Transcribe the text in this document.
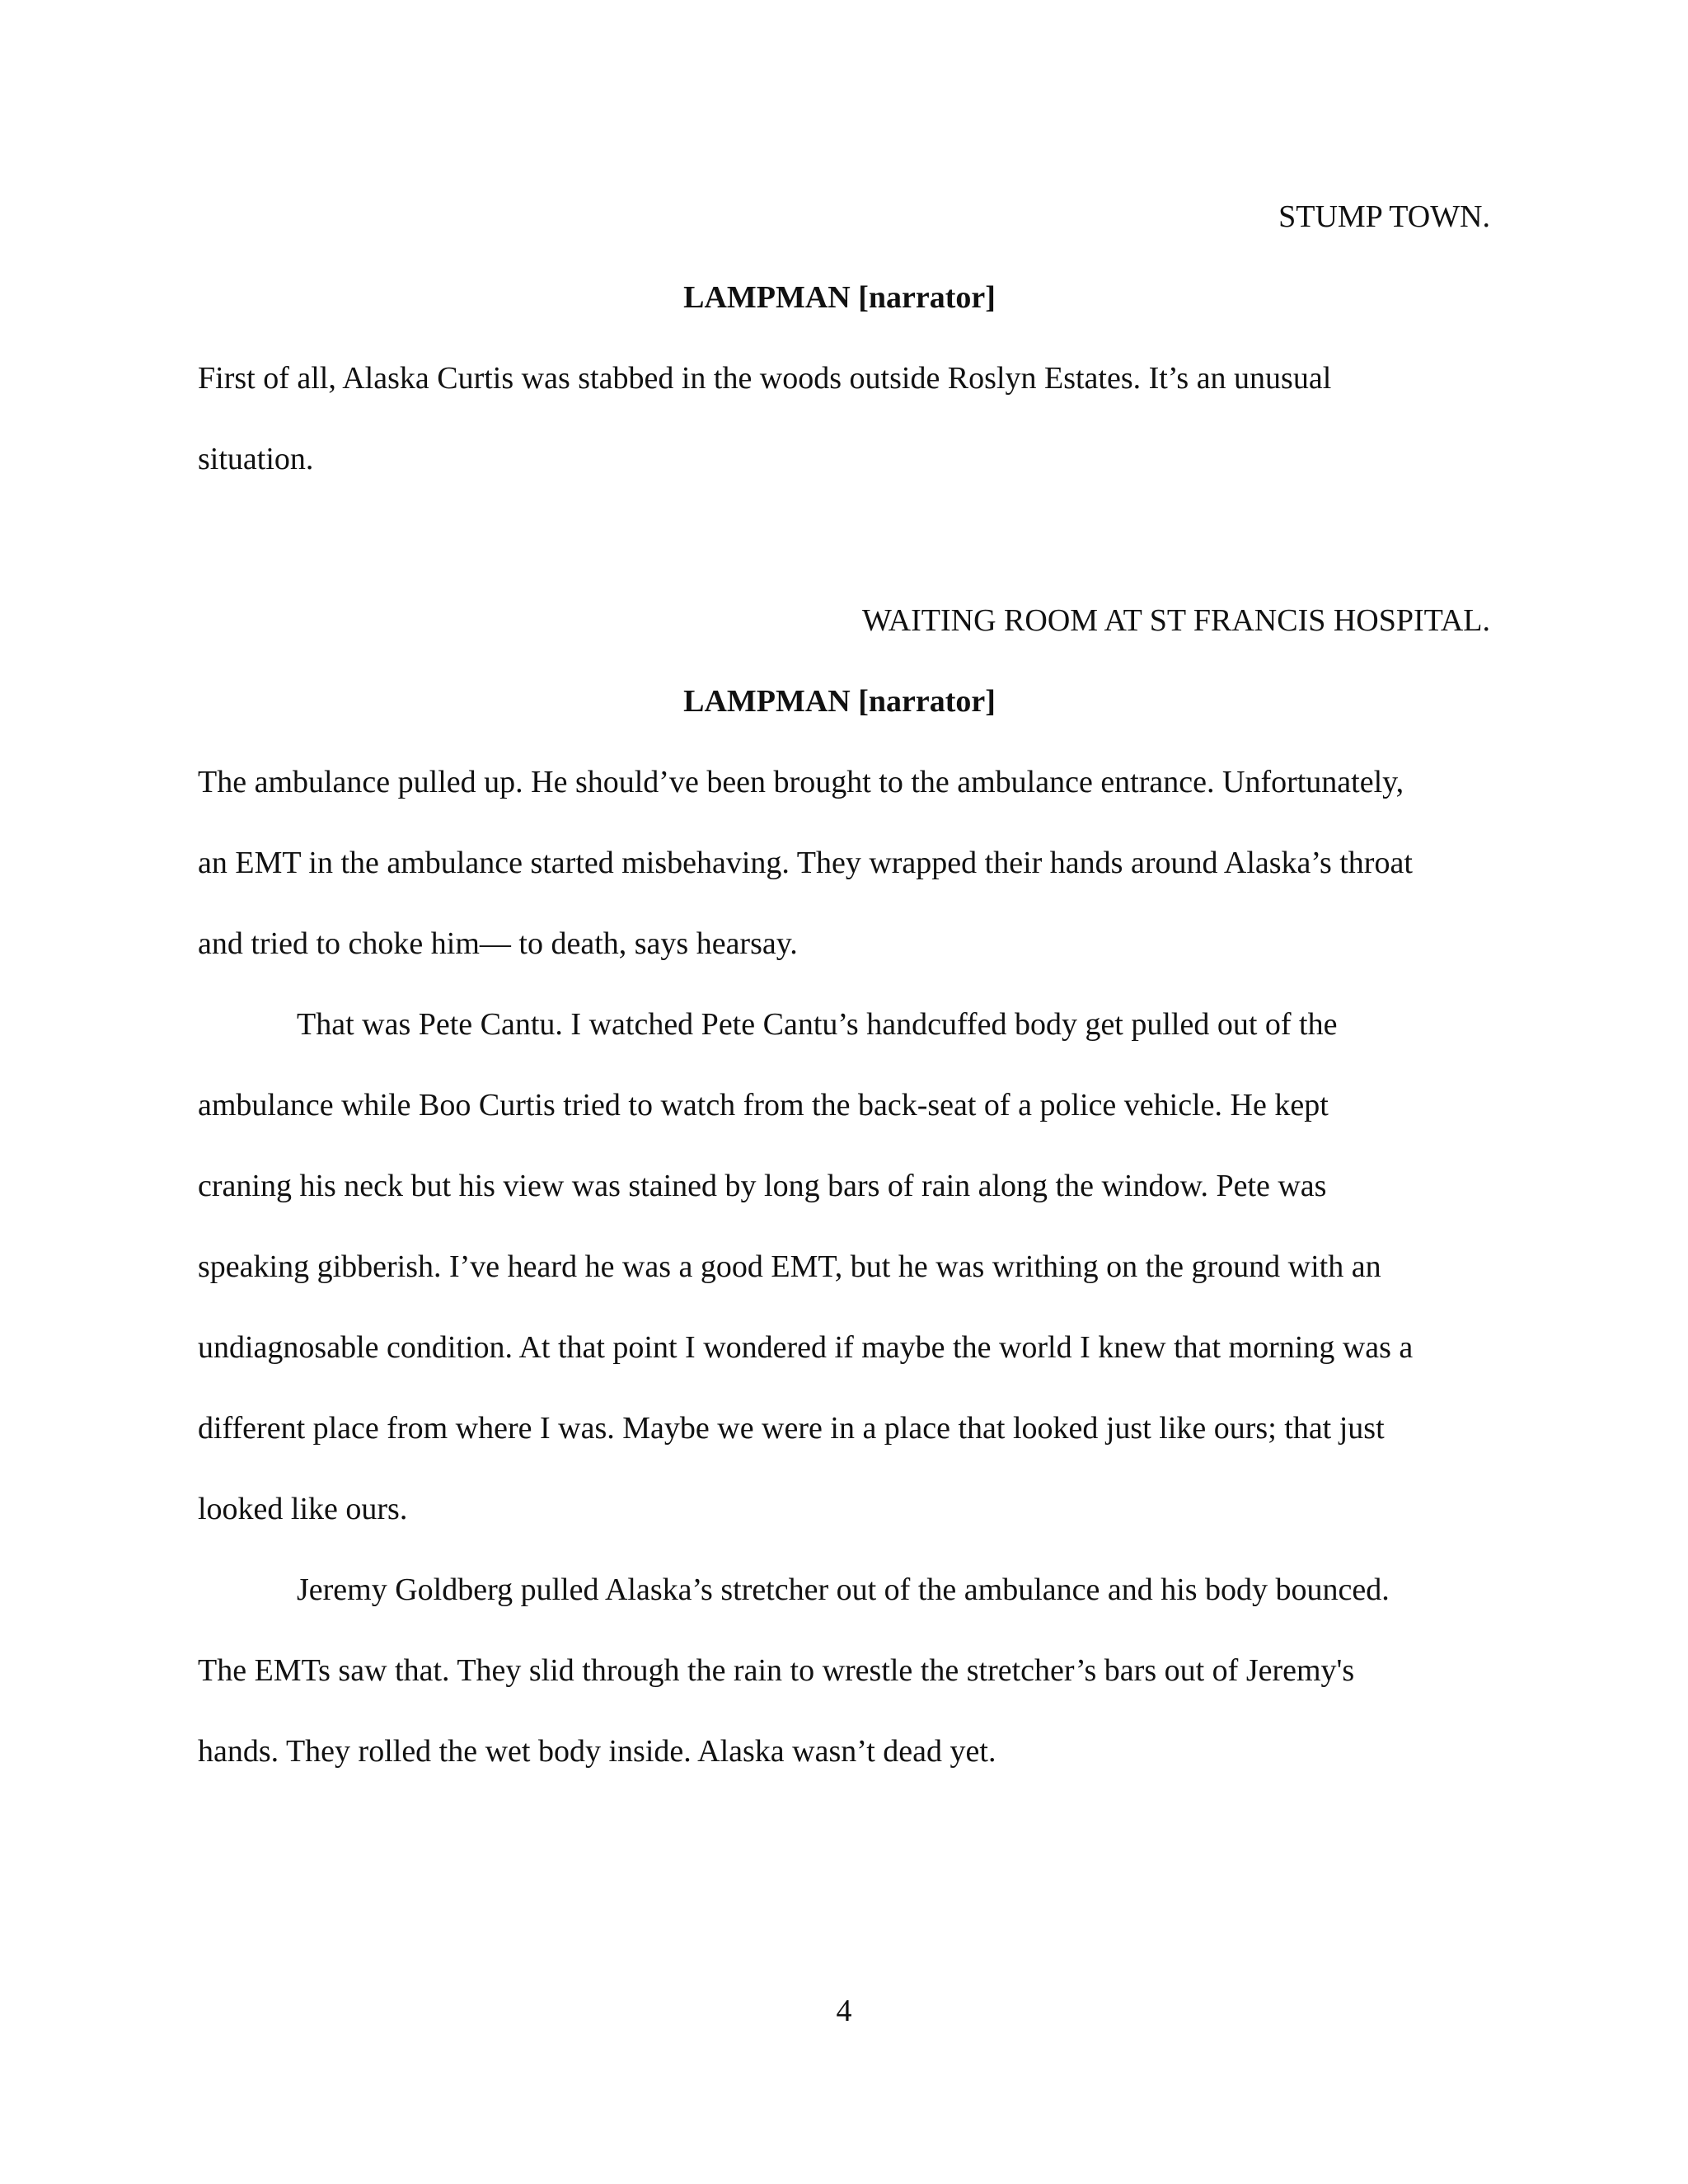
STUMP TOWN.
LAMPMAN [narrator]
First of all, Alaska Curtis was stabbed in the woods outside Roslyn Estates. It’s an unusual
situation.
WAITING ROOM AT ST FRANCIS HOSPITAL.
LAMPMAN [narrator]
The ambulance pulled up. He should’ve been brought to the ambulance entrance. Unfortunately,
an EMT in the ambulance started misbehaving. They wrapped their hands around Alaska’s throat
and tried to choke him— to death, says hearsay.
That was Pete Cantu. I watched Pete Cantu’s handcuffed body get pulled out of the
ambulance while Boo Curtis tried to watch from the back-seat of a police vehicle. He kept
craning his neck but his view was stained by long bars of rain along the window. Pete was
speaking gibberish. I’ve heard he was a good EMT, but he was writhing on the ground with an
undiagnosable condition. At that point I wondered if maybe the world I knew that morning was a
different place from where I was. Maybe we were in a place that looked just like ours; that just
looked like ours.
Jeremy Goldberg pulled Alaska’s stretcher out of the ambulance and his body bounced.
The EMTs saw that. They slid through the rain to wrestle the stretcher’s bars out of Jeremy's
hands. They rolled the wet body inside. Alaska wasn’t dead yet.
4
